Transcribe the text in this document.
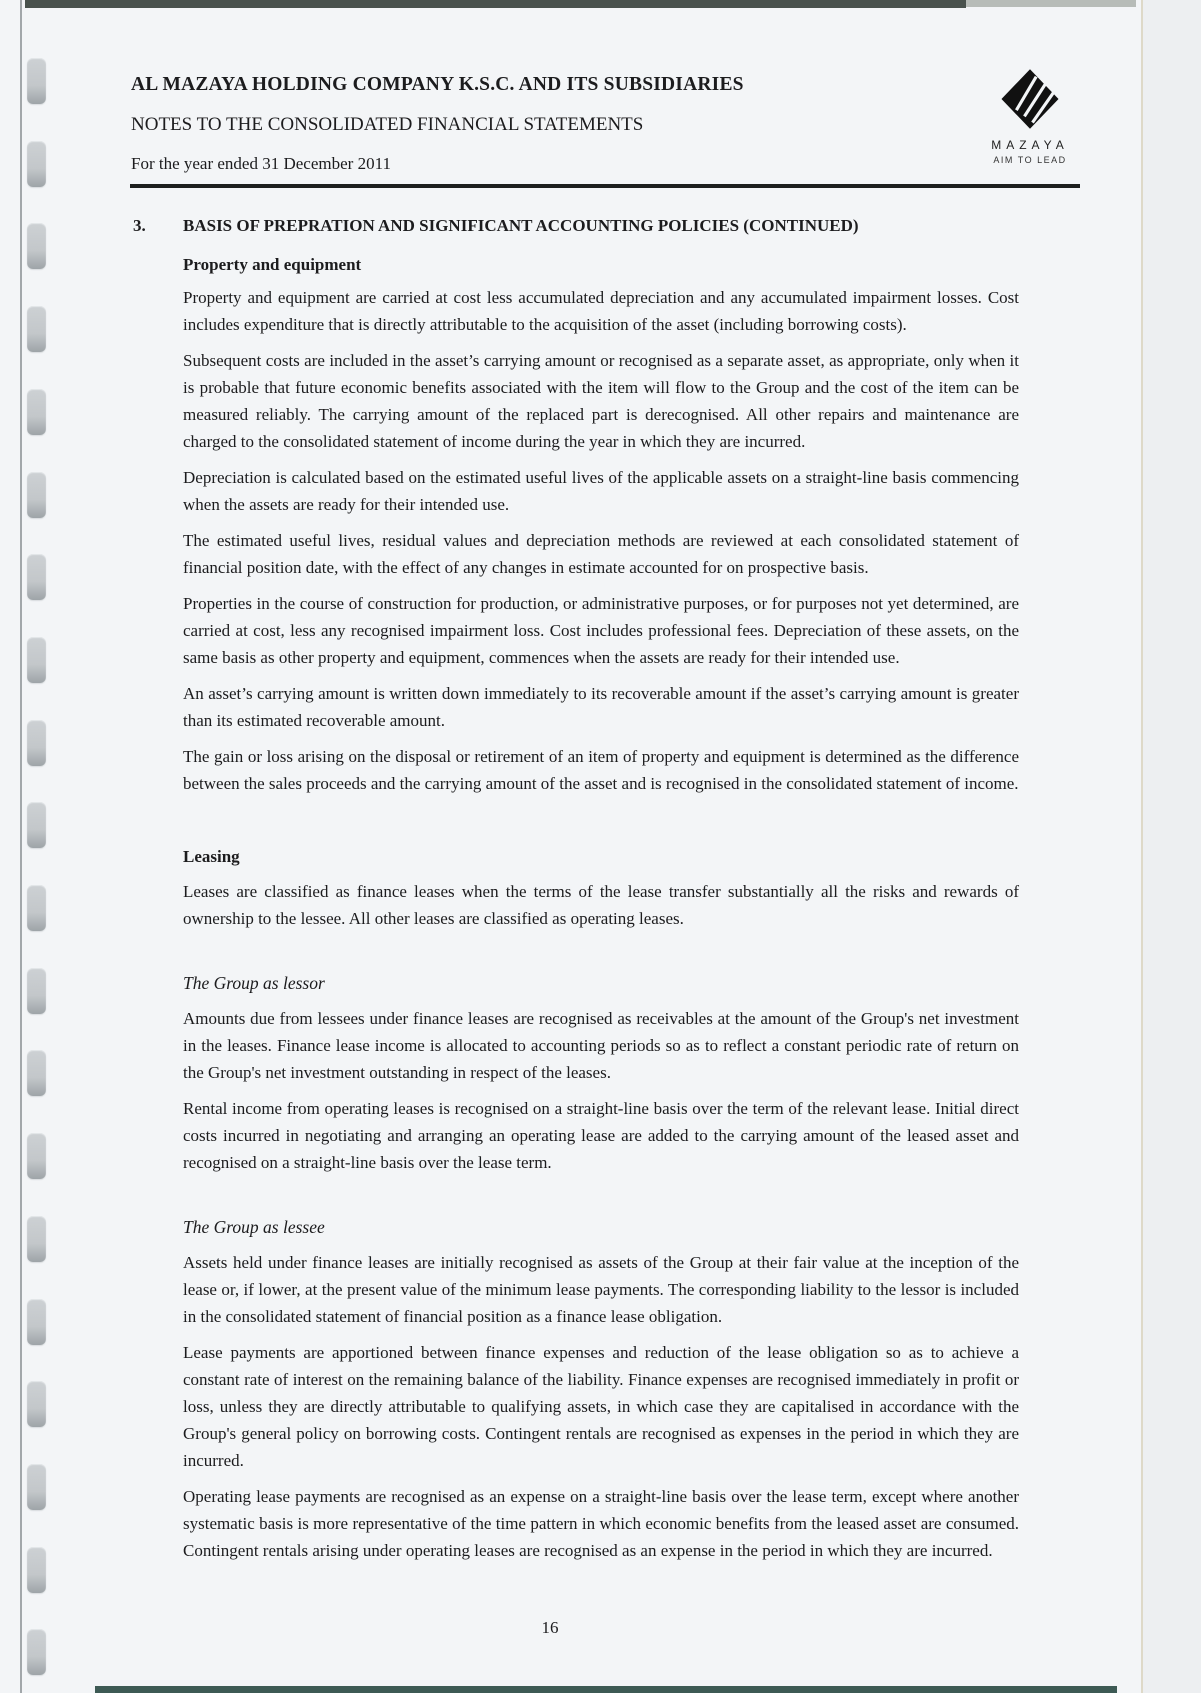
AL MAZAYA HOLDING COMPANY K.S.C. AND ITS SUBSIDIARIES

NOTES TO THE CONSOLIDATED FINANCIAL STATEMENTS

For the year ended 31 December 2011

MAZAYA

AIM TO LEAD

3. BASIS OF PREPRATION AND SIGNIFICANT ACCOUNTING POLICIES (CONTINUED)
Property and equipment

Property and equipment are carried at cost less accumulated depreciation and any accumulated impairment losses. Cost includes expenditure that is directly attributable to the acquisition of the asset (including borrowing costs).

Subsequent costs are included in the asset’s carrying amount or recognised as a separate asset, as appropriate, only when it is probable that future economic benefits associated with the item will flow to the Group and the cost of the item can be measured reliably. The carrying amount of the replaced part is derecognised. All other repairs and maintenance are charged to the consolidated statement of income during the year in which they are incurred.

Depreciation is calculated based on the estimated useful lives of the applicable assets on a straight-line basis commencing when the assets are ready for their intended use.

The estimated useful lives, residual values and depreciation methods are reviewed at each consolidated statement of financial position date, with the effect of any changes in estimate accounted for on prospective basis.

Properties in the course of construction for production, or administrative purposes, or for purposes not yet determined, are carried at cost, less any recognised impairment loss. Cost includes professional fees. Depreciation of these assets, on the same basis as other property and equipment, commences when the assets are ready for their intended use.

An asset’s carrying amount is written down immediately to its recoverable amount if the asset’s carrying amount is greater than its estimated recoverable amount.

The gain or loss arising on the disposal or retirement of an item of property and equipment is determined as the difference between the sales proceeds and the carrying amount of the asset and is recognised in the consolidated statement of income.

Leasing

Leases are classified as finance leases when the terms of the lease transfer substantially all the risks and rewards of ownership to the lessee. All other leases are classified as operating leases.

The Group as lessor

Amounts due from lessees under finance leases are recognised as receivables at the amount of the Group's net investment in the leases. Finance lease income is allocated to accounting periods so as to reflect a constant periodic rate of return on the Group's net investment outstanding in respect of the leases.

Rental income from operating leases is recognised on a straight-line basis over the term of the relevant lease. Initial direct costs incurred in negotiating and arranging an operating lease are added to the carrying amount of the leased asset and recognised on a straight-line basis over the lease term.

The Group as lessee

Assets held under finance leases are initially recognised as assets of the Group at their fair value at the inception of the lease or, if lower, at the present value of the minimum lease payments. The corresponding liability to the lessor is included in the consolidated statement of financial position as a finance lease obligation.

Lease payments are apportioned between finance expenses and reduction of the lease obligation so as to achieve a constant rate of interest on the remaining balance of the liability. Finance expenses are recognised immediately in profit or loss, unless they are directly attributable to qualifying assets, in which case they are capitalised in accordance with the Group's general policy on borrowing costs. Contingent rentals are recognised as expenses in the period in which they are incurred.

Operating lease payments are recognised as an expense on a straight-line basis over the lease term, except where another systematic basis is more representative of the time pattern in which economic benefits from the leased asset are consumed. Contingent rentals arising under operating leases are recognised as an expense in the period in which they are incurred.

16
